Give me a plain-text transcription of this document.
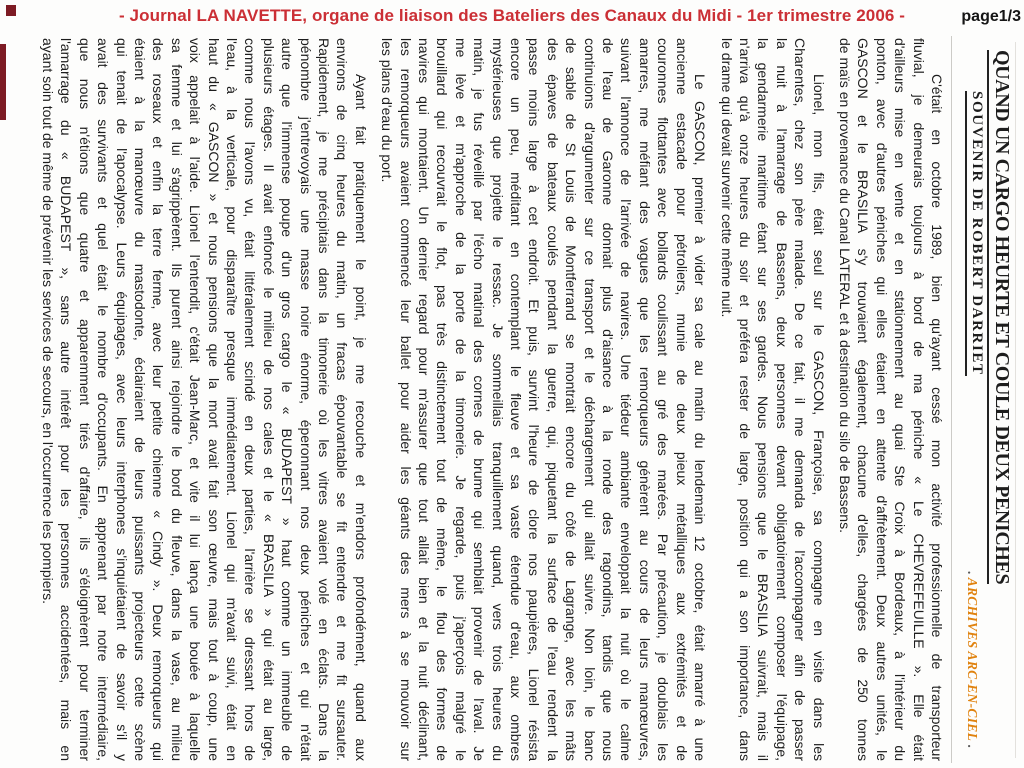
- Journal LA NAVETTE, organe de liaison des Bateliers des Canaux du Midi - 1er trimestre 2006 -	page1/3
QUAND UN CARGO HEURTE ET COULE DEUX PENICHES
SOUVENIR DE ROBERT DARRIET
. ARCHIVES ARC-EN-CIEL .
C'était en octobre 1989, bien qu'ayant cessé mon activité professionnelle de transporteur
fluvial, je demeurais toujours à bord de ma péniche « Le CHEVREFEUILLE ». Elle était
d'ailleurs mise en vente et en stationnement au quai Ste Croix à Bordeaux, à l'intérieur du
ponton, avec d'autres péniches qui elles étaient en attente d'affrètement. Deux autres unités, le
GASCON et le BRASILIA s'y trouvaient également, chacune d'elles, chargées de 250 tonnes
de maïs en provenance du Canal LATERAL et à destination du silo de Bassens.
Lionel, mon fils, était seul sur le GASCON, Françoise, sa compagne en visite dans les
Charentes, chez son père malade. De ce fait, il me demanda de l'accompagner afin de passer
la nuit à l'amarrage de Bassens, deux personnes devant obligatoirement composer l'équipage,
la gendarmerie maritime étant sur ses gardes. Nous pensions que le BRASILIA suivrait, mais il
n'arriva qu'à onze heures du soir et préféra rester de large, position qui a son importance, dans
le drame qui devait survenir cette même nuit.
Le GASCON, premier à vider sa cale au matin du lendemain 12 octobre, était amarré à une
ancienne estacade pour pétroliers, munie de deux pieux métalliques aux extrémités et de
couronnes flottantes avec bollards coulissant au gré des marées. Par précaution, je doublais les
amarres, me méfiant des vagues que les remorqueurs génèrent au cours de leurs manœuvres,
suivant l'annonce de l'arrivée de navires. Une tiédeur ambiante enveloppait la nuit où le calme
de l'eau de Garonne donnait plus d'aisance à la ronde des ragondins, tandis que nous
continuions d'argumenter sur ce transport et le déchargement qui allait suivre. Non loin, le banc
de sable de St Louis de Montferrand se montrait encore du côté de Lagrange, avec les mâts
des épaves de bateaux coulés pendant la guerre, qui, piquetant la surface de l'eau rendent la
passe moins large à cet endroit. Et puis, survint l'heure de clore nos paupières, Lionel résista
encore un peu, méditant en contemplant le fleuve et sa vaste étendue d'eau, aux ombres
mystérieuses que projette le ressac. Je sommeillais tranquillement quand, vers trois heures du
matin, je fus réveillé par l'écho matinal des cornes de brume qui semblait provenir de l'aval. Je
me lève et m'approche de la porte de la timonerie. Je regarde, puis j'aperçois malgré le
brouillard qui recouvrait le flot, pas très distinctement tout de même, le flou des formes de
navires qui montaient. Un dernier regard pour m'assurer que tout allait bien et la nuit déclinant,
les remorqueurs avaient commencé leur ballet pour aider les géants des mers à se mouvoir sur
les plans d'eau du port.
Ayant fait pratiquement le point, je me recouche et m'endors profondément, quand aux
environs de cinq heures du matin, un fracas épouvantable se fit entendre et me fit sursauter.
Rapidement, je me précipitais dans la timonerie où les vitres avaient volé en éclats. Dans la
pénombre j'entrevoyais une masse noire énorme, éperonnant nos deux péniches et qui n'était
autre que l'immense poupe d'un gros cargo le « BUDAPEST » haut comme un immeuble de
plusieurs étages. Il avait enfoncé le milieu de nos cales et le « BRASILIA » qui était au large,
comme nous l'avons vu, était littéralement scindé en deux parties, l'arrière se dressant hors de
l'eau, à la verticale, pour disparaître presque immédiatement. Lionel qui m'avait suivi, était en
haut du « GASCON » et nous pensions que la mort avait fait son œuvre, mais tout à coup, une
voix appelait à l'aide. Lionel l'entendit, c'était Jean-Marc, et vite il lui lança une bouée à laquelle
sa femme et lui s'agrippèrent. Ils purent ainsi rejoindre le bord du fleuve, dans la vase, au milieu
des roseaux et enfin la terre ferme, avec leur petite chienne « Cindy ». Deux remorqueurs qui
étaient à la manœuvre du mastodonte, éclairaient de leurs puissants projecteurs cette scène
qui tenait de l'apocalypse. Leurs équipages, avec leurs interphones s'inquiétaient de savoir s'il y
avait des survivants et quel était le nombre d'occupants. En apprenant par notre intermédiaire,
que nous n'étions que quatre et apparemment tirés d'affaire, ils s'éloignèrent pour terminer
l'amarrage du « BUDAPEST », sans autre intérêt pour les personnes accidentées, mais en
ayant soin tout de même de prévenir les services de secours, en l'occurrence les pompiers.
